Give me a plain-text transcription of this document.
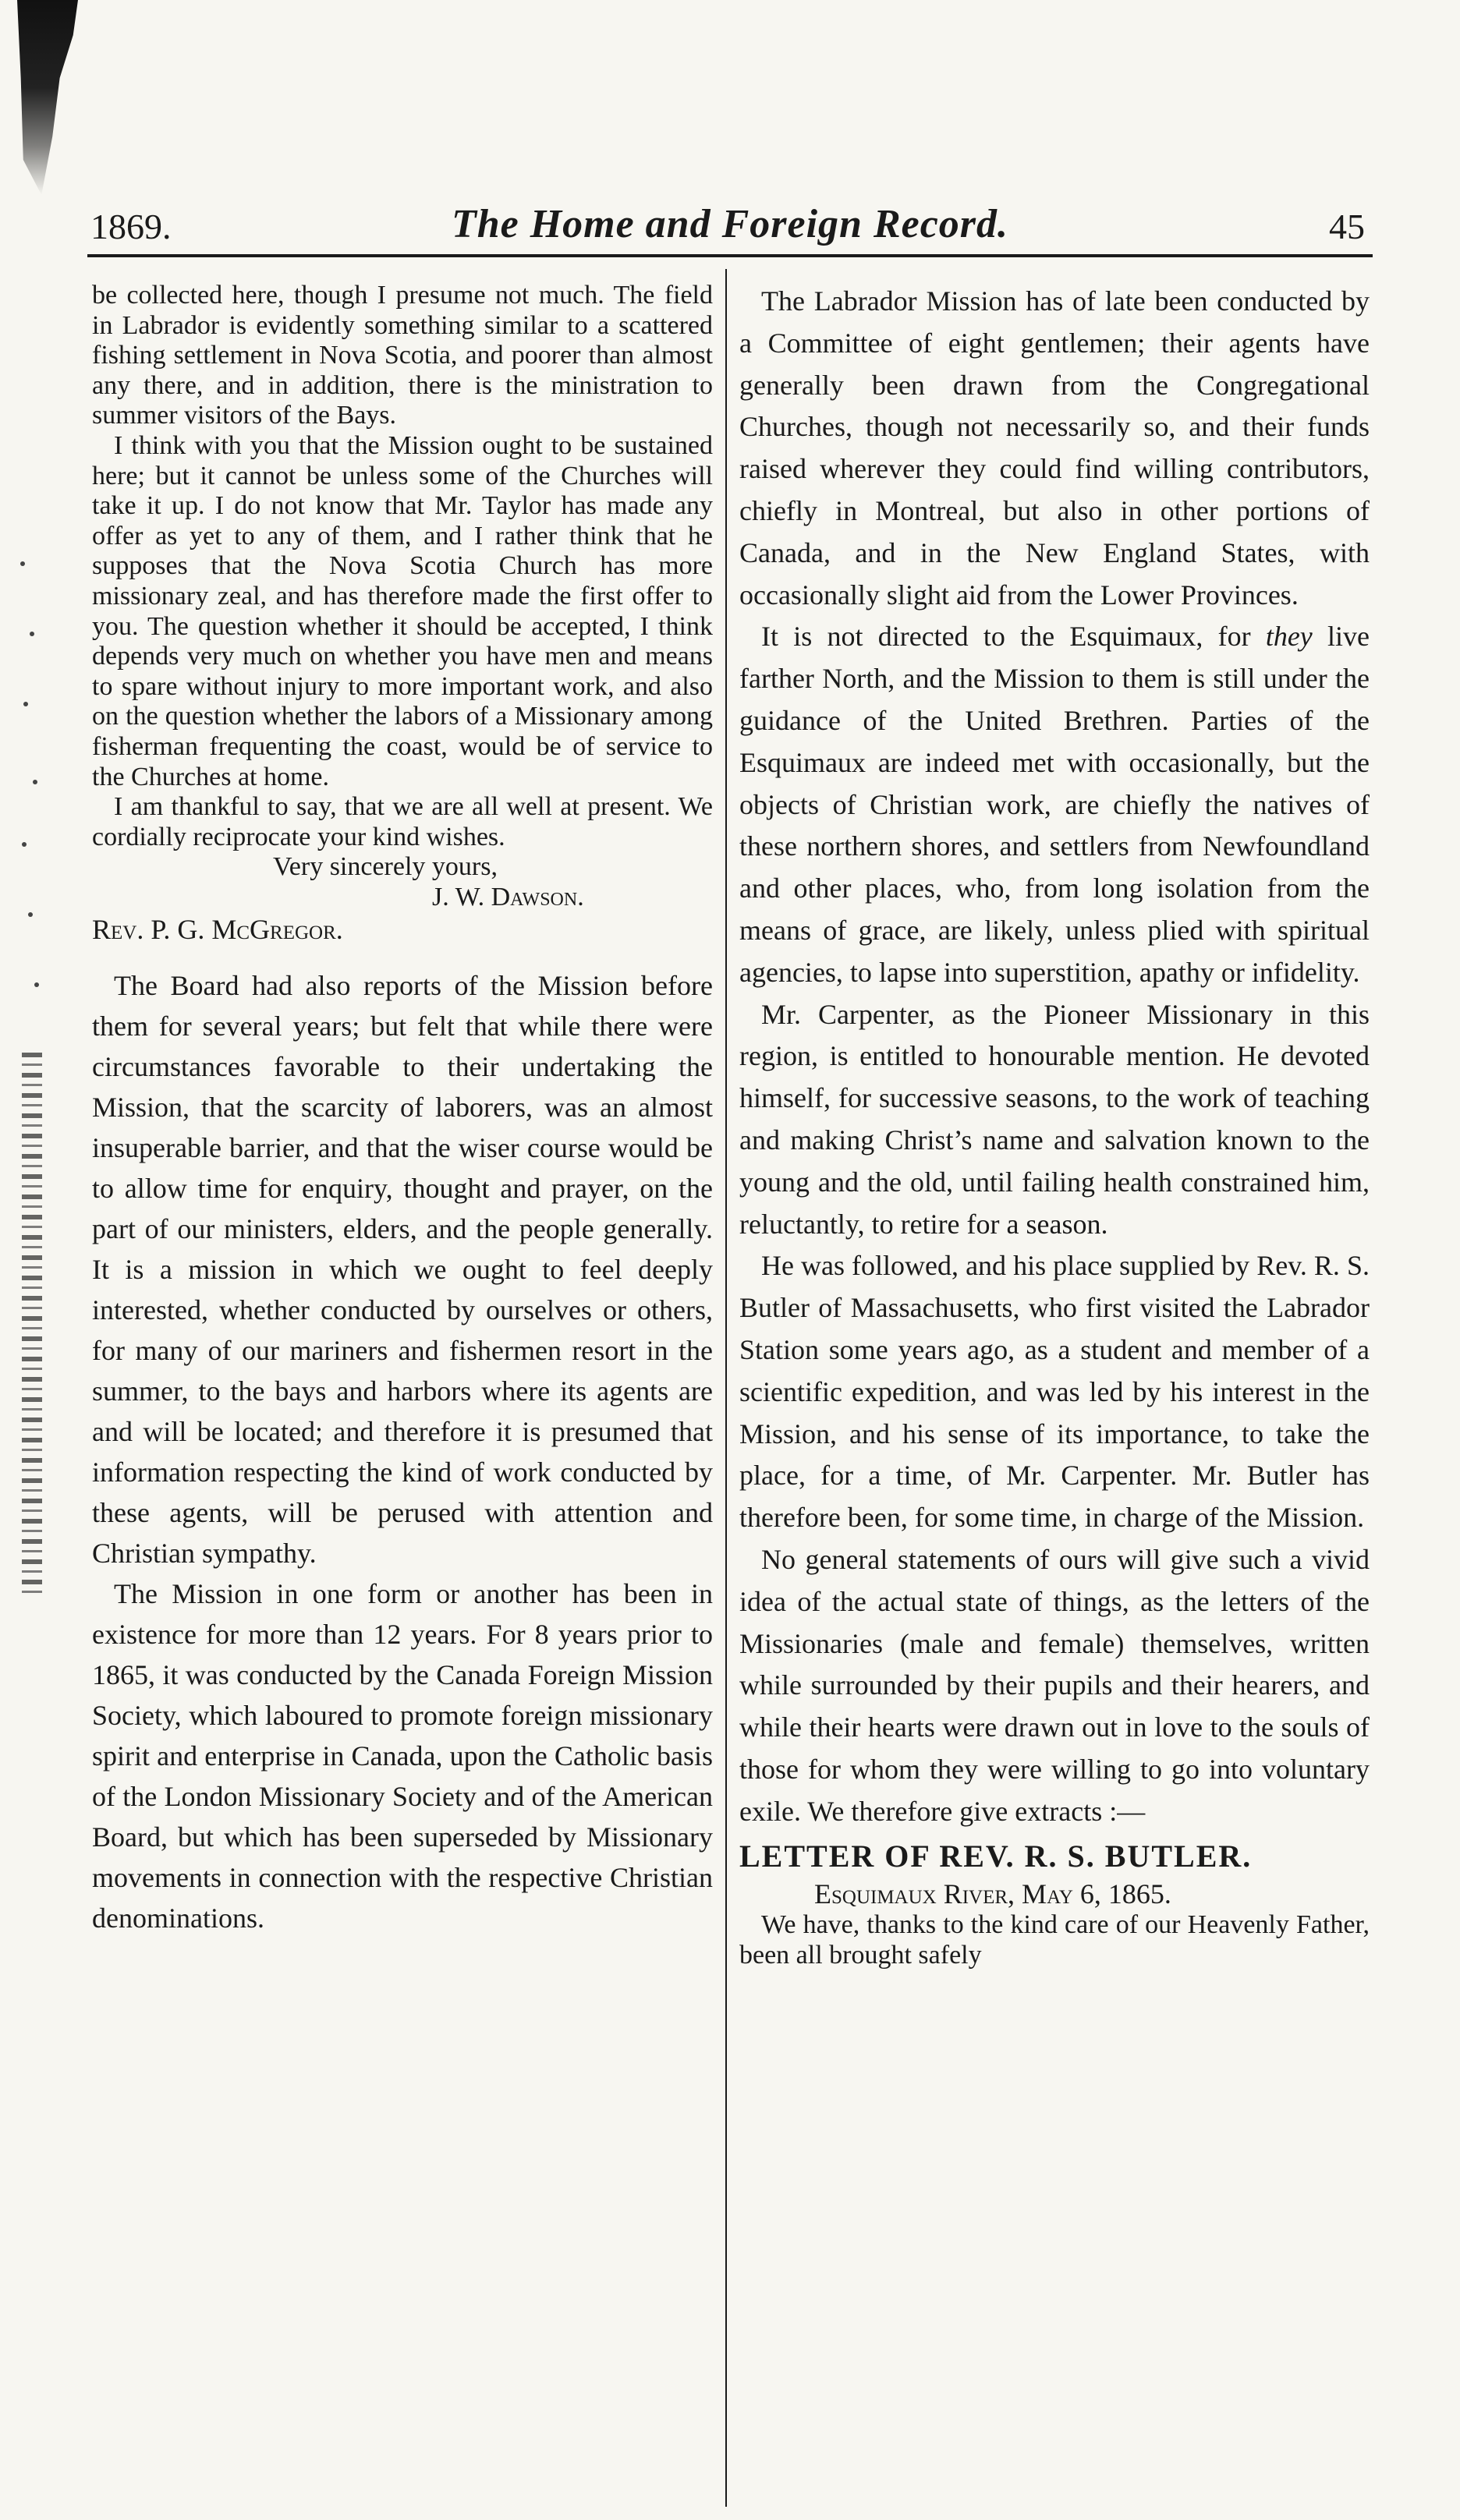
1869.	The Home and Foreign Record.	45

be collected here, though I presume not much. The field in Labrador is evidently something similar to a scattered fishing settlement in Nova Scotia, and poorer than almost any there, and in addition, there is the ministration to summer visitors of the Bays.

I think with you that the Mission ought to be sustained here; but it cannot be unless some of the Churches will take it up. I do not know that Mr. Taylor has made any offer as yet to any of them, and I rather think that he supposes that the Nova Scotia Church has more missionary zeal, and has therefore made the first offer to you. The question whether it should be accepted, I think depends very much on whether you have men and means to spare without injury to more important work, and also on the question whether the labors of a Missionary among fisherman frequenting the coast, would be of service to the Churches at home.

I am thankful to say, that we are all well at present. We cordially reciprocate your kind wishes.

Very sincerely yours,

J. W. Dawson.

Rev. P. G. McGregor.

The Board had also reports of the Mission before them for several years; but felt that while there were circumstances favorable to their undertaking the Mission, that the scarcity of laborers, was an almost insuperable barrier, and that the wiser course would be to allow time for enquiry, thought and prayer, on the part of our ministers, elders, and the people generally. It is a mission in which we ought to feel deeply interested, whether conducted by ourselves or others, for many of our mariners and fishermen resort in the summer, to the bays and harbors where its agents are and will be located; and therefore it is presumed that information respecting the kind of work conducted by these agents, will be perused with attention and Christian sympathy.

The Mission in one form or another has been in existence for more than 12 years. For 8 years prior to 1865, it was conducted by the Canada Foreign Mission Society, which laboured to promote foreign missionary spirit and enterprise in Canada, upon the Catholic basis of the London Missionary Society and of the American Board, but which has been superseded by Missionary movements in connection with the respective Christian denominations.

The Labrador Mission has of late been conducted by a Committee of eight gentlemen; their agents have generally been drawn from the Congregational Churches, though not necessarily so, and their funds raised wherever they could find willing contributors, chiefly in Montreal, but also in other portions of Canada, and in the New England States, with occasionally slight aid from the Lower Provinces.

It is not directed to the Esquimaux, for they live farther North, and the Mission to them is still under the guidance of the United Brethren. Parties of the Esquimaux are indeed met with occasionally, but the objects of Christian work, are chiefly the natives of these northern shores, and settlers from Newfoundland and other places, who, from long isolation from the means of grace, are likely, unless plied with spiritual agencies, to lapse into superstition, apathy or infidelity.

Mr. Carpenter, as the Pioneer Missionary in this region, is entitled to honourable mention. He devoted himself, for successive seasons, to the work of teaching and making Christ’s name and salvation known to the young and the old, until failing health constrained him, reluctantly, to retire for a season.

He was followed, and his place supplied by Rev. R. S. Butler of Massachusetts, who first visited the Labrador Station some years ago, as a student and member of a scientific expedition, and was led by his interest in the Mission, and his sense of its importance, to take the place, for a time, of Mr. Carpenter. Mr. Butler has therefore been, for some time, in charge of the Mission.

No general statements of ours will give such a vivid idea of the actual state of things, as the letters of the Missionaries (male and female) themselves, written while surrounded by their pupils and their hearers, and while their hearts were drawn out in love to the souls of those for whom they were willing to go into voluntary exile. We therefore give extracts :—

LETTER OF REV. R. S. BUTLER.

Esquimaux River, May 6, 1865.

We have, thanks to the kind care of our Heavenly Father, been all brought safely
